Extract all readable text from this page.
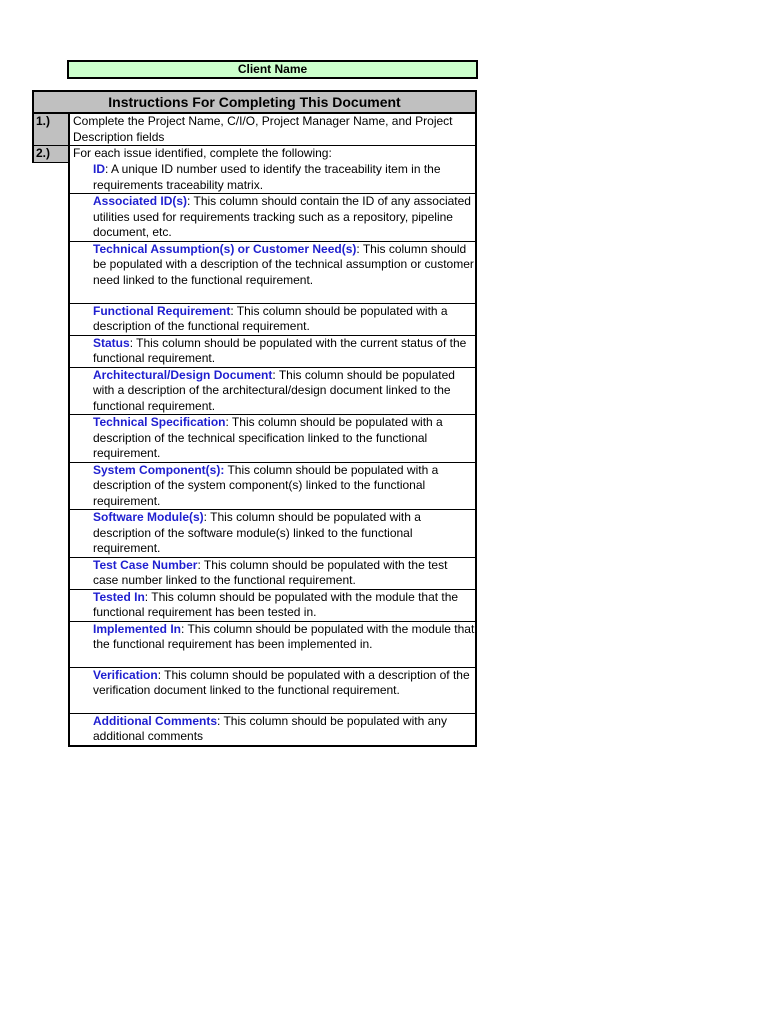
Client Name
Instructions For Completing This Document	
1.)	Complete the Project Name, C/I/O, Project Manager Name, and Project Description fields
2.)	For each issue identified, complete the following:
	ID: A unique ID number used to identify the traceability item in the requirements traceability matrix.
	Associated ID(s): This column should contain the ID of any associated utilities used for requirements tracking such as a repository, pipeline document, etc.
	Technical Assumption(s) or Customer Need(s): This column should be populated with a description of the technical assumption or customer need linked to the functional requirement.
	Functional Requirement: This column should be populated with a description of the functional requirement.
	Status: This column should be populated with the current status of the functional requirement.
	Architectural/Design Document: This column should be populated with a description of the architectural/design document linked to the functional requirement.
	Technical Specification: This column should be populated with a description of the technical specification linked to the functional requirement.
	System Component(s): This column should be populated with a description of the system component(s) linked to the functional requirement.
	Software Module(s): This column should be populated with a description of the software module(s) linked to the functional requirement.
	Test Case Number: This column should be populated with the test case number linked to the functional requirement.
	Tested In: This column should be populated with the module that the functional requirement has been tested in.
	Implemented In: This column should be populated with the module that the functional requirement has been implemented in.
	Verification: This column should be populated with a description of the verification document linked to the functional requirement.
	Additional Comments: This column should be populated with any additional comments
